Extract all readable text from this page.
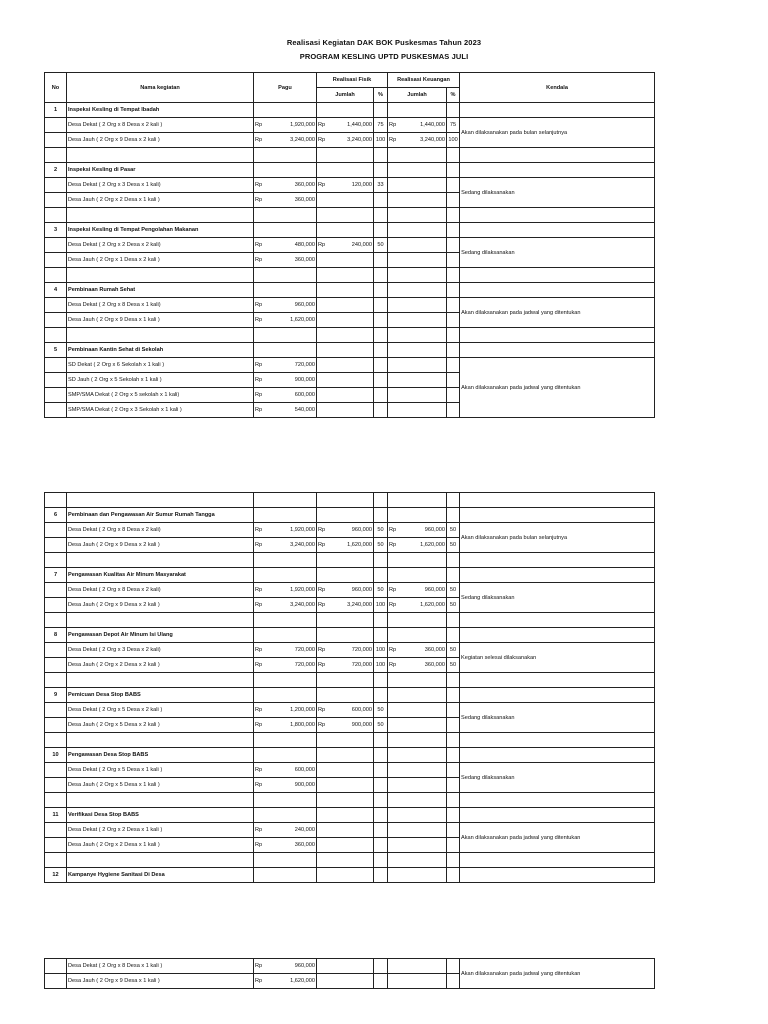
Realisasi Kegiatan DAK BOK Puskesmas Tahun 2023
PROGRAM KESLING UPTD PUSKESMAS JULI
No	Nama kegiatan	Pagu		Realisasi Fisik			Realisasi Keuangan			Kendala
				Jumlah		%	Jumlah		%	
1	Inspeksi Kesling di Tempat Ibadah									
	Desa Dekat ( 2 Org x 8 Desa x 2 kali )	Rp	1,920,000	Rp	1,440,000	75	Rp	1,440,000	75	Akan dilaksanakan pada bulan selanjutnya
	Desa Jauh ( 2 Org x 9 Desa x 2 kali )	Rp	3,240,000	Rp	3,240,000	100	Rp	3,240,000	100	

2	Inspeksi Kesling di Pasar									
	Desa Dekat ( 2 Org x 3 Desa x 1 kali)	Rp	360,000	Rp	120,000	33				Sedang dilaksanakan
	Desa Jauh ( 2 Org x 2 Desa x 1 kali )	Rp	360,000							

3	Inspeksi Kesling di Tempat Pengolahan Makanan									
	Desa Dekat ( 2 Org x 2 Desa x 2 kali)	Rp	480,000	Rp	240,000	50				Sedang dilaksanakan
	Desa Jauh ( 2 Org x 1 Desa x 2 kali )	Rp	360,000							

4	Pembinaan Rumah Sehat									
	Desa Dekat ( 2 Org x 8 Desa x 1 kali)	Rp	960,000							Akan dilaksanakan pada jadwal yang ditentukan
	Desa Jauh ( 2 Org x 9 Desa x 1 kali )	Rp	1,620,000							

5	Pembinaan Kantin Sehat di Sekolah									
	SD Dekat ( 2 Org x 6 Sekolah x 1 kali )	Rp	720,000							Akan dilaksanakan pada jadwal yang ditentukan
	SD Jauh ( 2 Org x 5 Sekolah x 1 kali )	Rp	900,000							
	SMP/SMA Dekat ( 2 Org x 5 sekolah x 1 kali)	Rp	600,000							
	SMP/SMA Dekat ( 2 Org x 3 Sekolah x 1 kali )	Rp	540,000							

6	Pembinaan dan Pengawasan Air Sumur Rumah Tangga									
	Desa Dekat ( 2 Org x 8 Desa x 2 kali)	Rp	1,920,000	Rp	960,000	50	Rp	960,000	50	Akan dilaksanakan pada bulan selanjutnya
	Desa Jauh ( 2 Org x 9 Desa x 2 kali )	Rp	3,240,000	Rp	1,620,000	50	Rp	1,620,000	50	

7	Pengawasan Kualitas Air Minum Masyarakat									
	Desa Dekat ( 2 Org x 8 Desa x 2 kali)	Rp	1,920,000	Rp	960,000	50	Rp	960,000	50	Sedang dilaksanakan
	Desa Jauh ( 2 Org x 9 Desa x 2 kali )	Rp	3,240,000	Rp	3,240,000	100	Rp	1,620,000	50	

8	Pengawasan Depot Air Minum Isi Ulang									
	Desa Dekat ( 2 Org x 3 Desa x 2 kali)	Rp	720,000	Rp	720,000	100	Rp	360,000	50	Kegiatan selesai dilaksanakan
	Desa Jauh ( 2 Org x 2 Desa x 2 kali )	Rp	720,000	Rp	720,000	100	Rp	360,000	50	

9	Pemicuan Desa Stop BABS									
	Desa Dekat ( 2 Org x 5 Desa x 2 kali )	Rp	1,200,000	Rp	600,000	50				Sedang dilaksanakan
	Desa Jauh ( 2 Org x 5 Desa x 2 kali )	Rp	1,800,000	Rp	900,000	50				

10	Pengawasan Desa Stop BABS									
	Desa Dekat ( 2 Org x 5 Desa x 1 kali )	Rp	600,000							Sedang dilaksanakan
	Desa Jauh ( 2 Org x 5 Desa x 1 kali )	Rp	900,000							

11	Verifikasi Desa Stop BABS									
	Desa Dekat ( 2 Org x 2 Desa x 1 kali )	Rp	240,000							Akan dilaksanakan pada jadwal yang ditentukan
	Desa Jauh ( 2 Org x 2 Desa x 1 kali )	Rp	360,000							

12	Kampanye Hygiene Sanitasi Di Desa									
	Desa Dekat ( 2 Org x 8 Desa x 1 kali )	Rp	960,000							Akan dilaksanakan pada jadwal yang ditentukan
	Desa Jauh ( 2 Org x 9 Desa x 1 kali )	Rp	1,620,000							
